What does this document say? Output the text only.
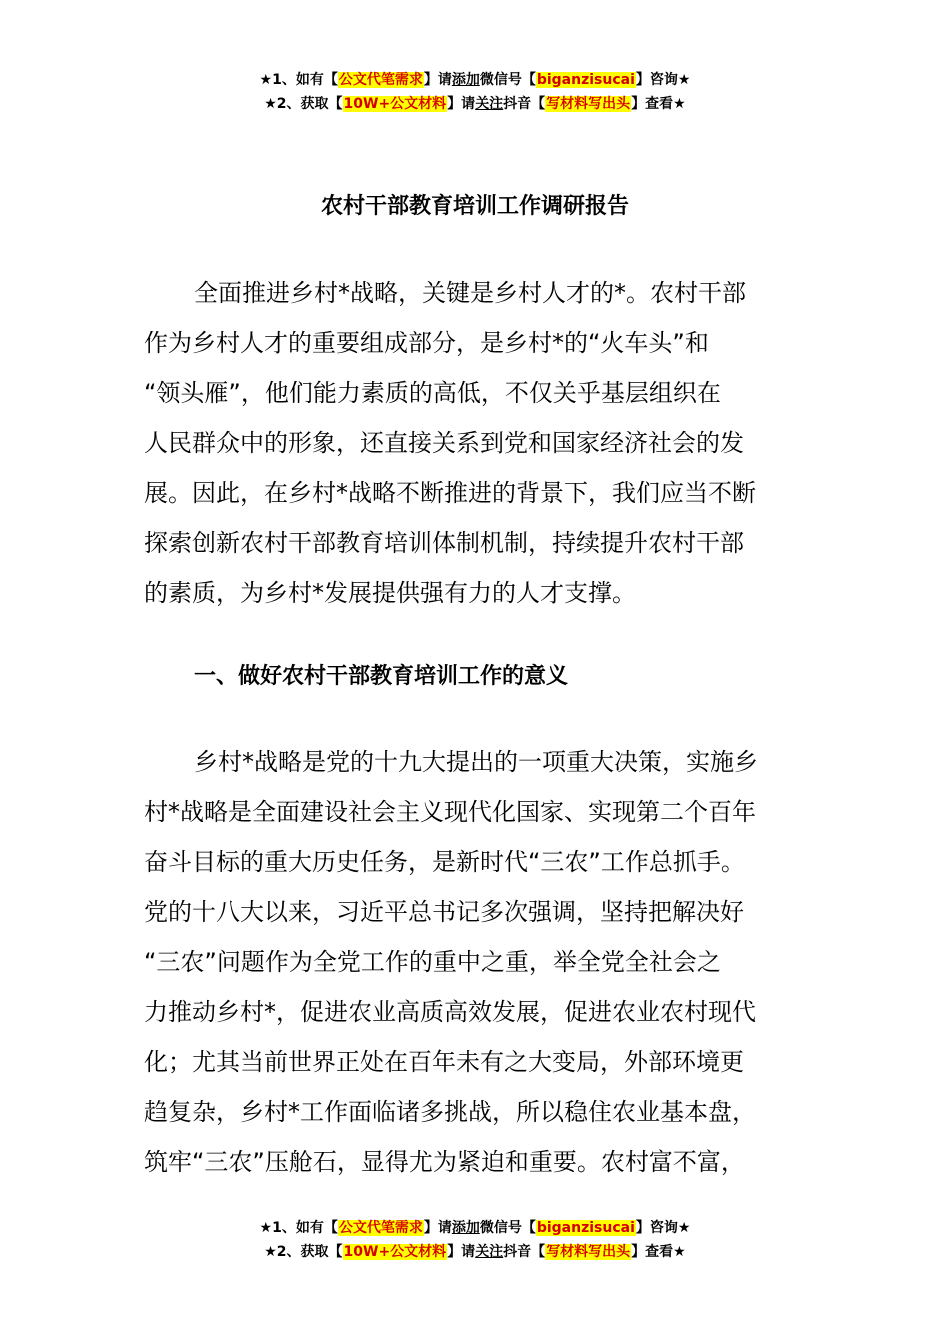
★1、如有【公文代笔需求】请添加微信号【biganzisucai】咨询★
★2、获取【10W+公文材料】请关注抖音【写材料写出头】查看★
农村干部教育培训工作调研报告
全面推进乡村*战略，关键是乡村人才的*。农村干部
作为乡村人才的重要组成部分，是乡村*的“火车头”和
“领头雁”，他们能力素质的高低，不仅关乎基层组织在
人民群众中的形象，还直接关系到党和国家经济社会的发
展。因此，在乡村*战略不断推进的背景下，我们应当不断
探索创新农村干部教育培训体制机制，持续提升农村干部
的素质，为乡村*发展提供强有力的人才支撑。
一、做好农村干部教育培训工作的意义
乡村*战略是党的十九大提出的一项重大决策，实施乡
村*战略是全面建设社会主义现代化国家、实现第二个百年
奋斗目标的重大历史任务，是新时代“三农”工作总抓手。
党的十八大以来，习近平总书记多次强调，坚持把解决好
“三农”问题作为全党工作的重中之重，举全党全社会之
力推动乡村*，促进农业高质高效发展，促进农业农村现代
化；尤其当前世界正处在百年未有之大变局，外部环境更
趋复杂，乡村*工作面临诸多挑战，所以稳住农业基本盘，
筑牢“三农”压舱石，显得尤为紧迫和重要。农村富不富，
★1、如有【公文代笔需求】请添加微信号【biganzisucai】咨询★
★2、获取【10W+公文材料】请关注抖音【写材料写出头】查看★
